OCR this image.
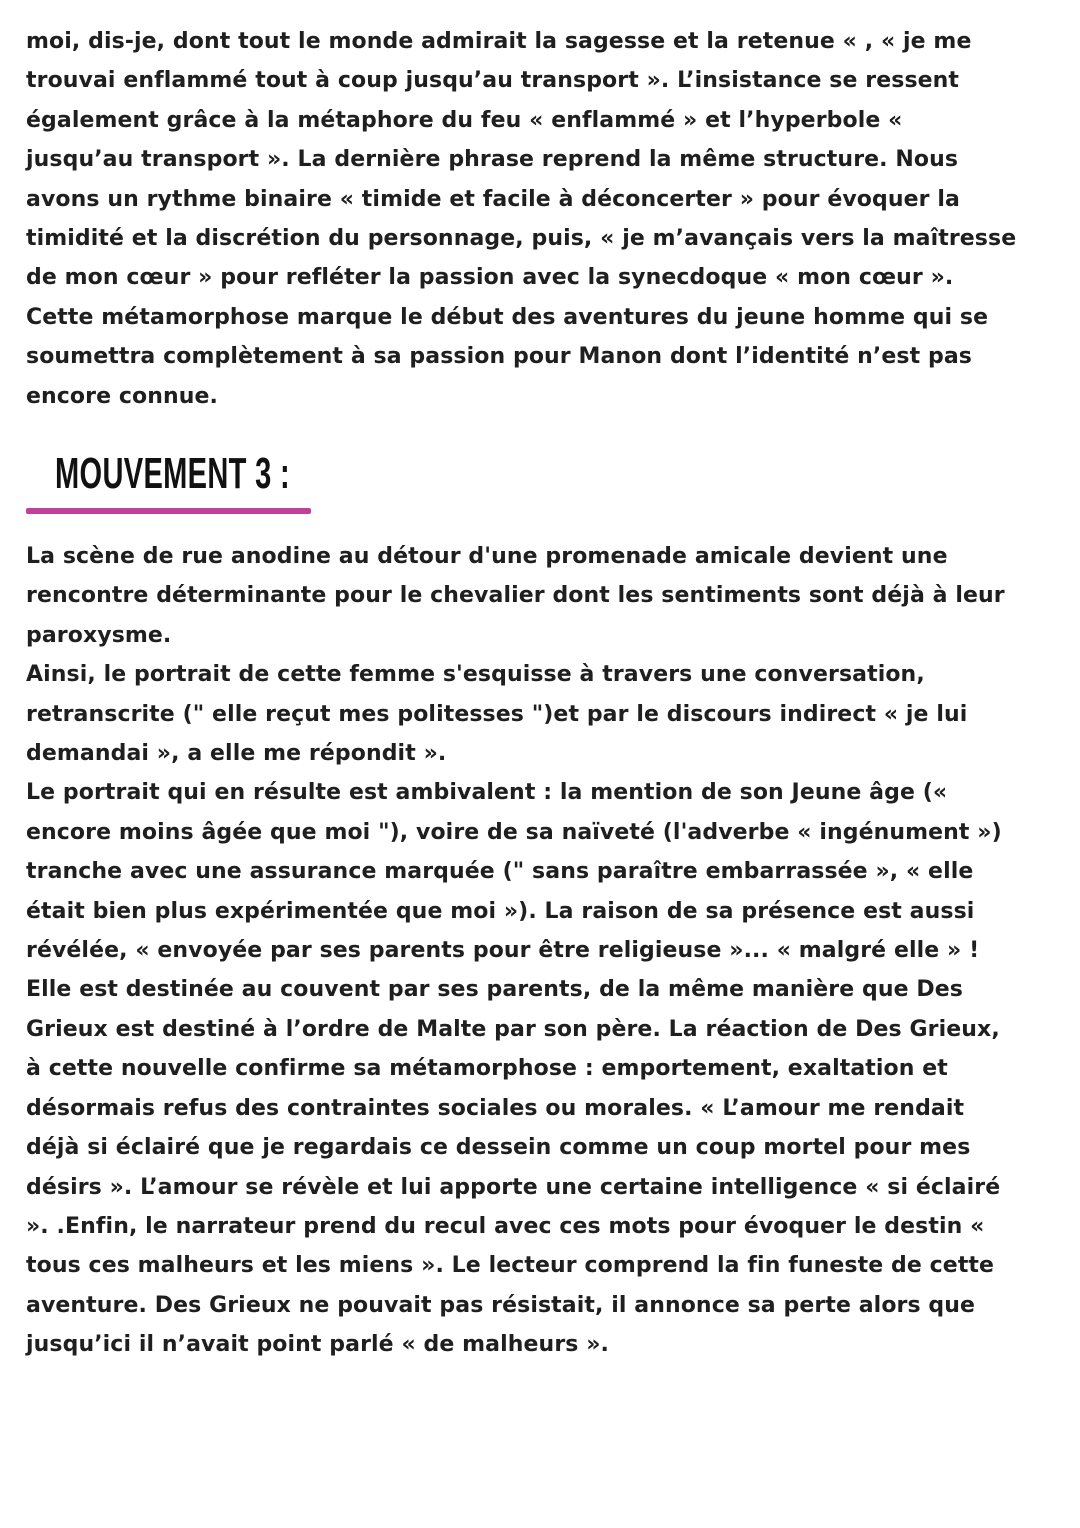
moi, dis-je, dont tout le monde admirait la sagesse et la retenue « , « je me
trouvai enflammé tout à coup jusqu’au transport ». L’insistance se ressent
également grâce à la métaphore du feu « enflammé » et l’hyperbole «
jusqu’au transport ». La dernière phrase reprend la même structure. Nous
avons un rythme binaire « timide et facile à déconcerter » pour évoquer la
timidité et la discrétion du personnage, puis, « je m’avançais vers la maîtresse
de mon cœur » pour refléter la passion avec la synecdoque « mon cœur ».
Cette métamorphose marque le début des aventures du jeune homme qui se
soumettra complètement à sa passion pour Manon dont l’identité n’est pas
encore connue.

MOUVEMENT 3 :

La scène de rue anodine au détour d'une promenade amicale devient une
rencontre déterminante pour le chevalier dont les sentiments sont déjà à leur
paroxysme.
Ainsi, le portrait de cette femme s'esquisse à travers une conversation,
retranscrite (" elle reçut mes politesses ")et par le discours indirect « je lui
demandai », a elle me répondit ».
Le portrait qui en résulte est ambivalent : la mention de son Jeune âge («
encore moins âgée que moi "), voire de sa naïveté (l'adverbe « ingénument »)
tranche avec une assurance marquée (" sans paraître embarrassée », « elle
était bien plus expérimentée que moi »). La raison de sa présence est aussi
révélée, « envoyée par ses parents pour être religieuse »... « malgré elle » !
Elle est destinée au couvent par ses parents, de la même manière que Des
Grieux est destiné à l’ordre de Malte par son père. La réaction de Des Grieux,
à cette nouvelle confirme sa métamorphose : emportement, exaltation et
désormais refus des contraintes sociales ou morales. « L’amour me rendait
déjà si éclairé que je regardais ce dessein comme un coup mortel pour mes
désirs ». L’amour se révèle et lui apporte une certaine intelligence « si éclairé
». .Enfin, le narrateur prend du recul avec ces mots pour évoquer le destin «
tous ces malheurs et les miens ». Le lecteur comprend la fin funeste de cette
aventure. Des Grieux ne pouvait pas résistait, il annonce sa perte alors que
jusqu’ici il n’avait point parlé « de malheurs ».
